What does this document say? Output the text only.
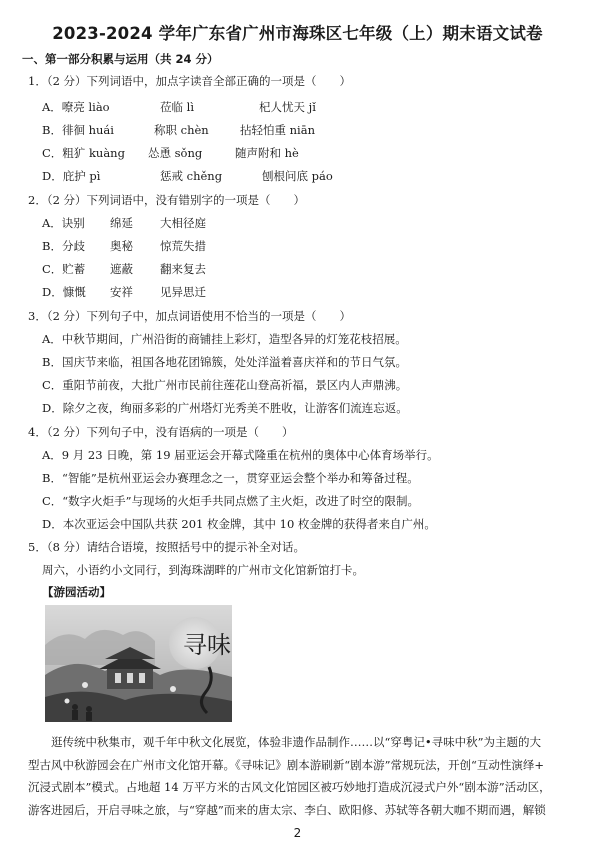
2023-2024 学年广东省广州市海珠区七年级（上）期末语文试卷
一、第一部分积累与运用（共 24 分）
1．（2 分）下列词语中，加点字读音全部正确的一项是（　　）
A．嘹亮 liào	莅临 lì	杞人忧天 jǐ
B．徘徊 huái	称职 chèn	拈轻怕重 niān
C．粗犷 kuàng 怂恿 sǒng	随声附和 hè
D．庇护 pì	惩戒 chěng	刨根问底 páo
2．（2 分）下列词语中，没有错别字的一项是（　　）
A．诀别 绵延 大相径庭
B．分歧 奥秘 惊荒失措
C．贮蓄 遮蔽 翻来复去
D．慷慨 安祥 见异思迁
3．（2 分）下列句子中，加点词语使用不恰当的一项是（　　）
A．中秋节期间，广州沿街的商铺挂上彩灯，造型各异的灯笼花枝招展。
B．国庆节来临，祖国各地花团锦簇，处处洋溢着喜庆祥和的节日气氛。
C．重阳节前夜，大批广州市民前往莲花山登高祈福，景区内人声鼎沸。
D．除夕之夜，绚丽多彩的广州塔灯光秀美不胜收，让游客们流连忘返。
4．（2 分）下列句子中，没有语病的一项是（　　）
A．9 月 23 日晚，第 19 届亚运会开幕式隆重在杭州的奥体中心体育场举行。
B．“智能”是杭州亚运会办赛理念之一，贯穿亚运会整个举办和筹备过程。
C．“数字火炬手”与现场的火炬手共同点燃了主火炬，改进了时空的限制。
D．本次亚运会中国队共获 201 枚金牌，其中 10 枚金牌的获得者来自广州。
5．（8 分）请结合语境，按照括号中的提示补全对话。
周六，小语约小文同行，到海珠湖畔的广州市文化馆新馆打卡。
【游园活动】
寻味
逛传统中秋集市，观千年中秋文化展览，体验非遗作品制作……以“穿粤记•寻味中秋”为主题的大
型古风中秋游园会在广州市文化馆开幕。《寻味记》剧本游刷新“剧本游”常规玩法，开创“互动性演绎+
沉浸式剧本”模式。占地超 14 万平方米的古风文化馆园区被巧妙地打造成沉浸式户外“剧本游”活动区，
游客进园后，开启寻味之旅，与“穿越”而来的唐太宗、李白、欧阳修、苏轼等各朝大咖不期而遇，解锁
2
